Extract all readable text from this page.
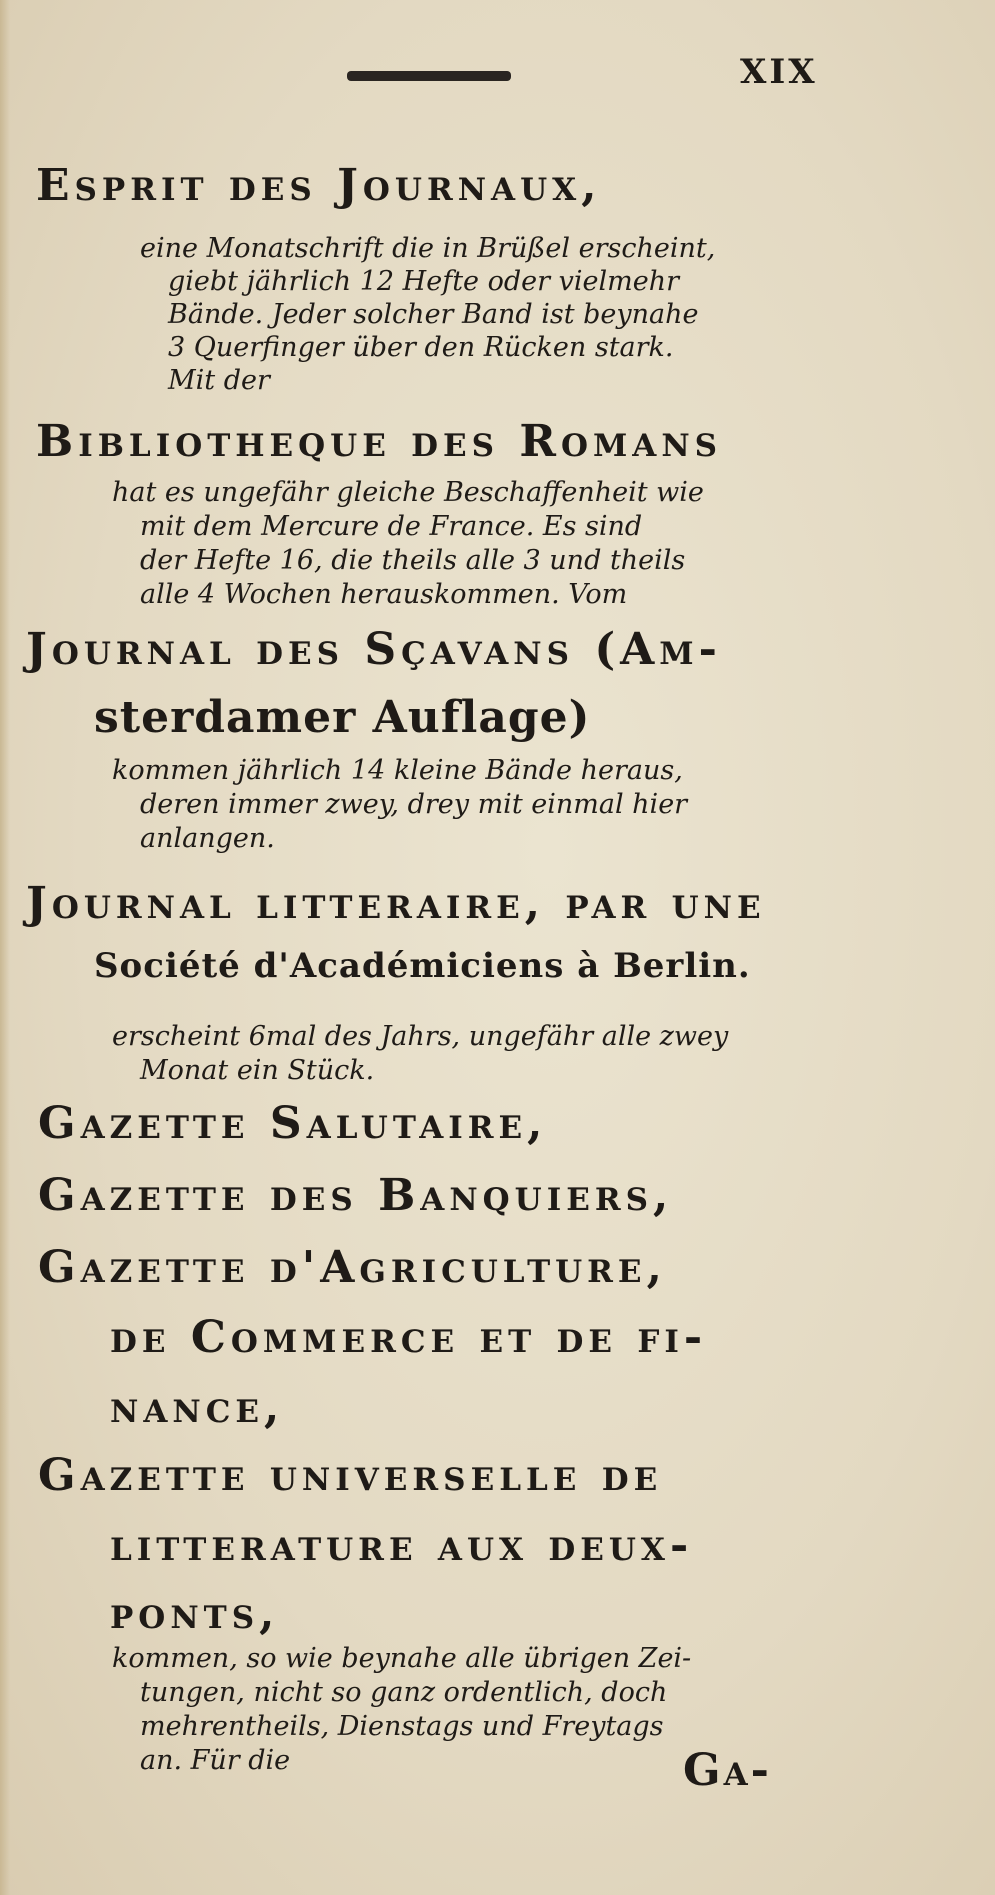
XIX
Esprit des Journaux,
eine Monatschrift die in Brüßel erscheint,
giebt jährlich 12 Hefte oder vielmehr
Bände. Jeder solcher Band ist beynahe
3 Querfinger über den Rücken stark.
Mit der
Bibliotheque des Romans
hat es ungefähr gleiche Beschaffenheit wie
mit dem Mercure de France. Es sind
der Hefte 16, die theils alle 3 und theils
alle 4 Wochen herauskommen. Vom
Journal des Sçavans (Am-
sterdamer Auflage)
kommen jährlich 14 kleine Bände heraus,
deren immer zwey, drey mit einmal hier
anlangen.
Journal litteraire, par une
Société d'Académiciens à Berlin.
erscheint 6mal des Jahrs, ungefähr alle zwey
Monat ein Stück.
Gazette Salutaire,
Gazette des Banquiers,
Gazette d'Agriculture,
de Commerce et de fi-
nance,
Gazette universelle de
litterature aux deux-
ponts,
kommen, so wie beynahe alle übrigen Zei-
tungen, nicht so ganz ordentlich, doch
mehrentheils, Dienstags und Freytags
an. Für die	Ga-
